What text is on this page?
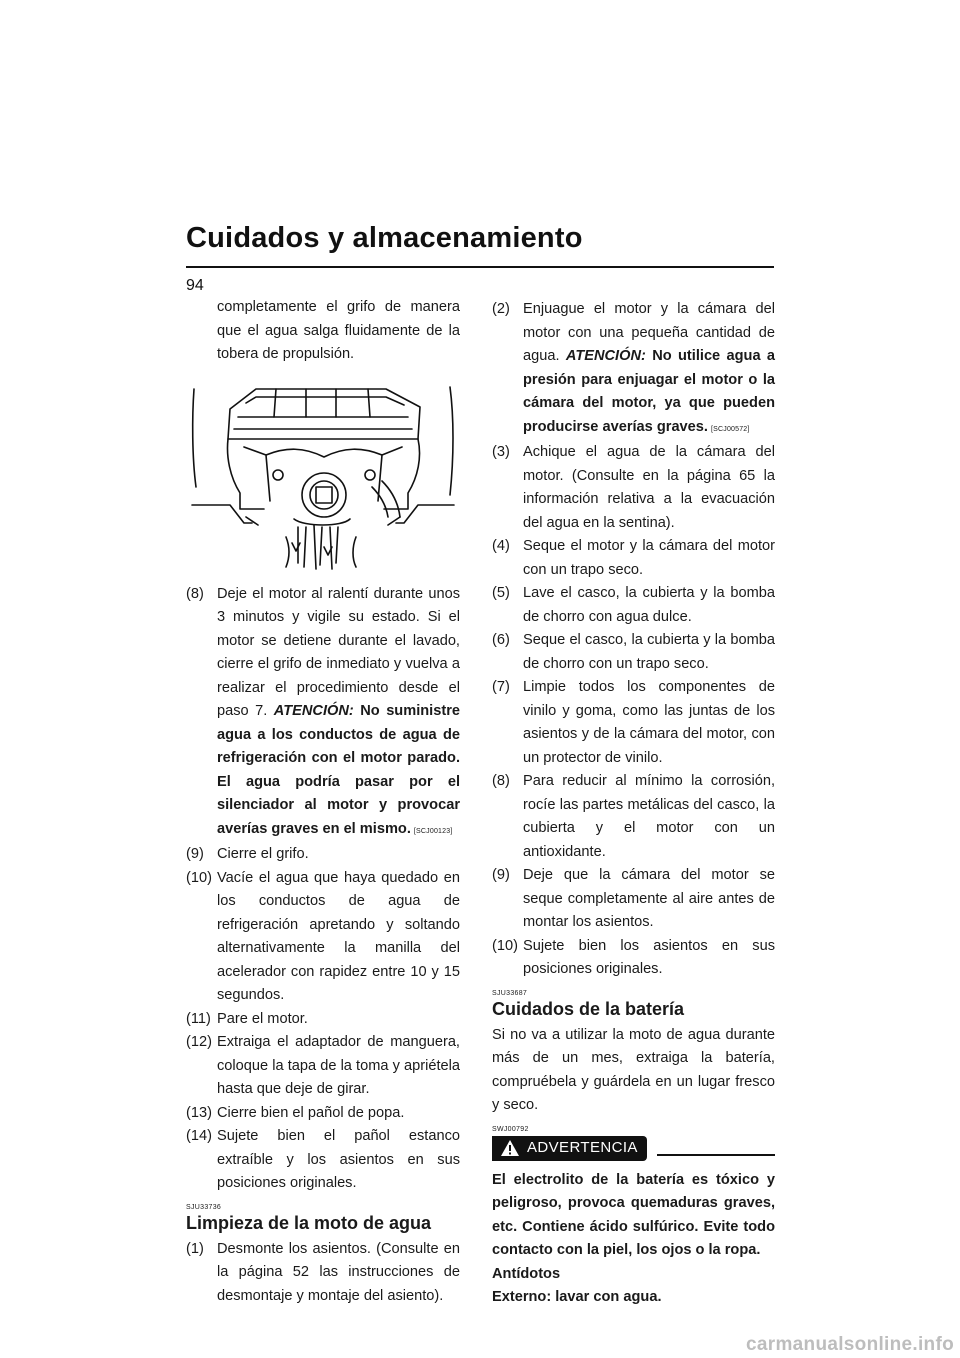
Cuidados y almacenamiento
94

completamente el grifo de manera que el agua salga fluidamente de la tobera de propulsión.

(8) Deje el motor al ralentí durante unos 3 minutos y vigile su estado. Si el motor se detiene durante el lavado, cierre el grifo de inmediato y vuelva a realizar el procedimiento desde el paso 7. ATENCIÓN: No suministre agua a los conductos de agua de refrigeración con el motor parado. El agua podría pasar por el silenciador al motor y provocar averías graves en el mismo. [SCJ00123]
(9) Cierre el grifo.
(10) Vacíe el agua que haya quedado en los conductos de agua de refrigeración apretando y soltando alternativamente la manilla del acelerador con rapidez entre 10 y 15 segundos.
(11) Pare el motor.
(12) Extraiga el adaptador de manguera, coloque la tapa de la toma y apriételа hasta que deje de girar.
(13) Cierre bien el pañol de popa.
(14) Sujete bien el pañol estanco extraíble y los asientos en sus posiciones originales.
SJU33736
Limpieza de la moto de agua
(1) Desmonte los asientos. (Consulte en la página 52 las instrucciones de desmontaje y montaje del asiento).
(2) Enjuague el motor y la cámara del motor con una pequeña cantidad de agua. ATENCIÓN: No utilice agua a presión para enjuagar el motor o la cámara del motor, ya que pueden producirse averías graves. [SCJ00572]
(3) Achique el agua de la cámara del motor. (Consulte en la página 65 la información relativa a la evacuación del agua en la sentina).
(4) Seque el motor y la cámara del motor con un trapo seco.
(5) Lave el casco, la cubierta y la bomba de chorro con agua dulce.
(6) Seque el casco, la cubierta y la bomba de chorro con un trapo seco.
(7) Limpie todos los componentes de vinilo y goma, como las juntas de los asientos y de la cámara del motor, con un protector de vinilo.
(8) Para reducir al mínimo la corrosión, rocíe las partes metálicas del casco, la cubierta y el motor con un antioxidante.
(9) Deje que la cámara del motor se seque completamente al aire antes de montar los asientos.
(10) Sujete bien los asientos en sus posiciones originales.
SJU33687
Cuidados de la batería

Si no va a utilizar la moto de agua durante más de un mes, extraiga la batería, compruébela y guárdela en un lugar fresco y seco.

SWJ00792
ADVERTENCIA

El electrolito de la batería es tóxico y peligroso, provoca quemaduras graves, etc. Contiene ácido sulfúrico. Evite todo contacto con la piel, los ojos o la ropa.

Antídotos

Externo: lavar con agua.

carmanualsonline.info
